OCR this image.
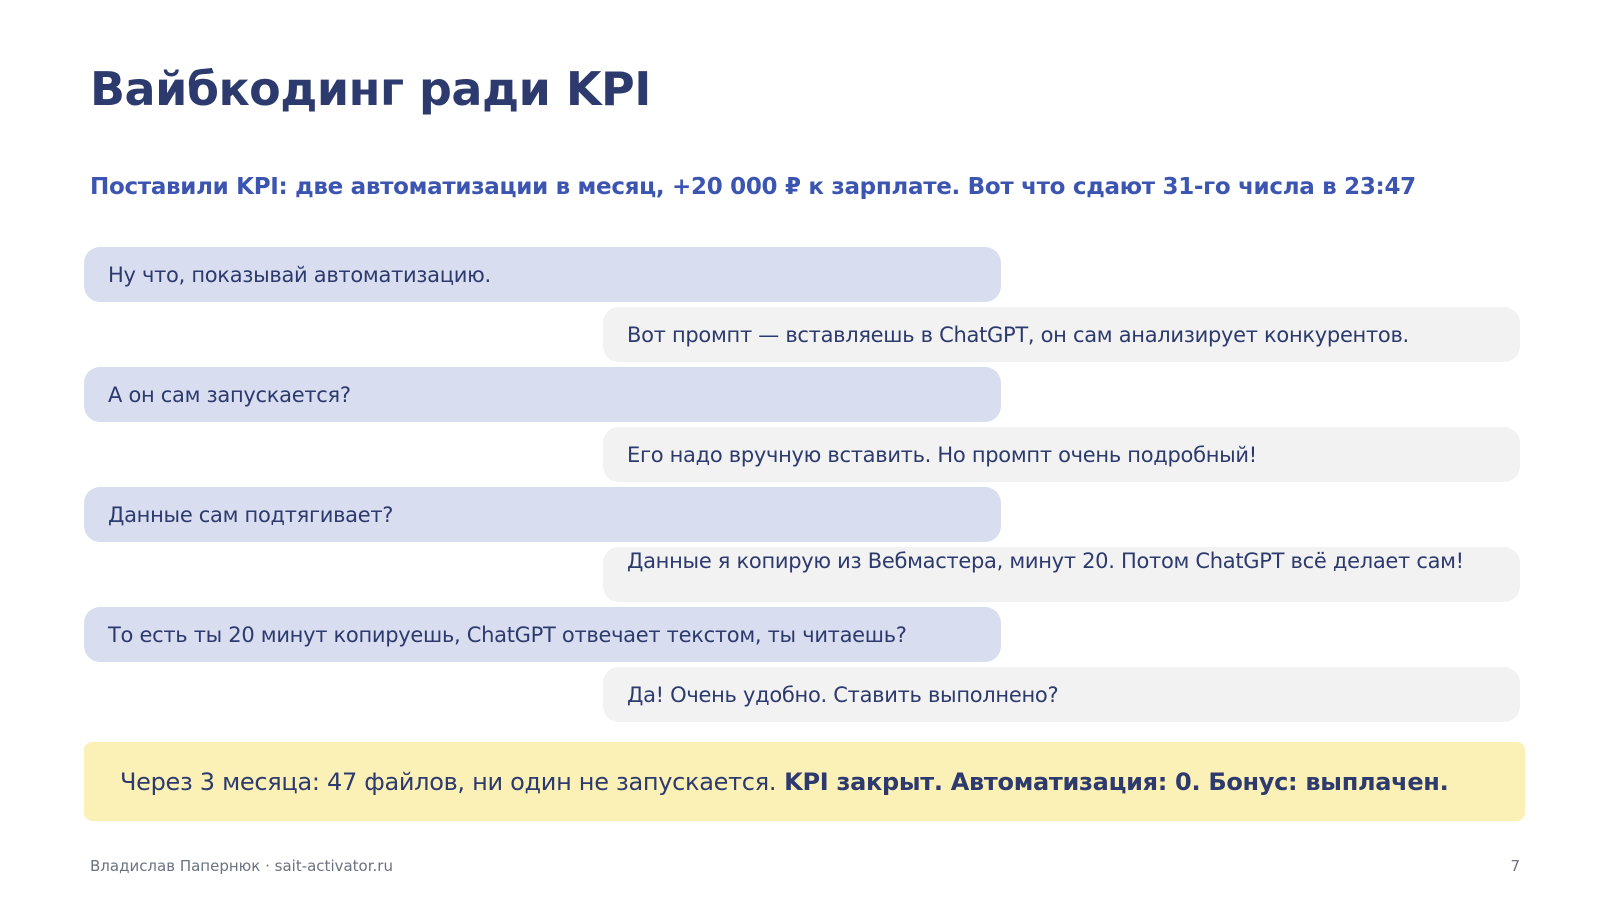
Вайбкодинг ради KPI
Поставили KPI: две автоматизации в месяц, +20 000 ₽ к зарплате. Вот что сдают 31-го числа в 23:47
Ну что, показывай автоматизацию.
Вот промпт — вставляешь в ChatGPT, он сам анализирует конкурентов.
А он сам запускается?
Его надо вручную вставить. Но промпт очень подробный!
Данные сам подтягивает?
Данные я копирую из Вебмастера, минут 20. Потом ChatGPT всё делает сам!
То есть ты 20 минут копируешь, ChatGPT отвечает текстом, ты читаешь?
Да! Очень удобно. Ставить выполнено?
Через 3 месяца: 47 файлов, ни один не запускается. KPI закрыт. Автоматизация: 0. Бонус: выплачен.
Владислав Папернюк · sait-activator.ru	7
